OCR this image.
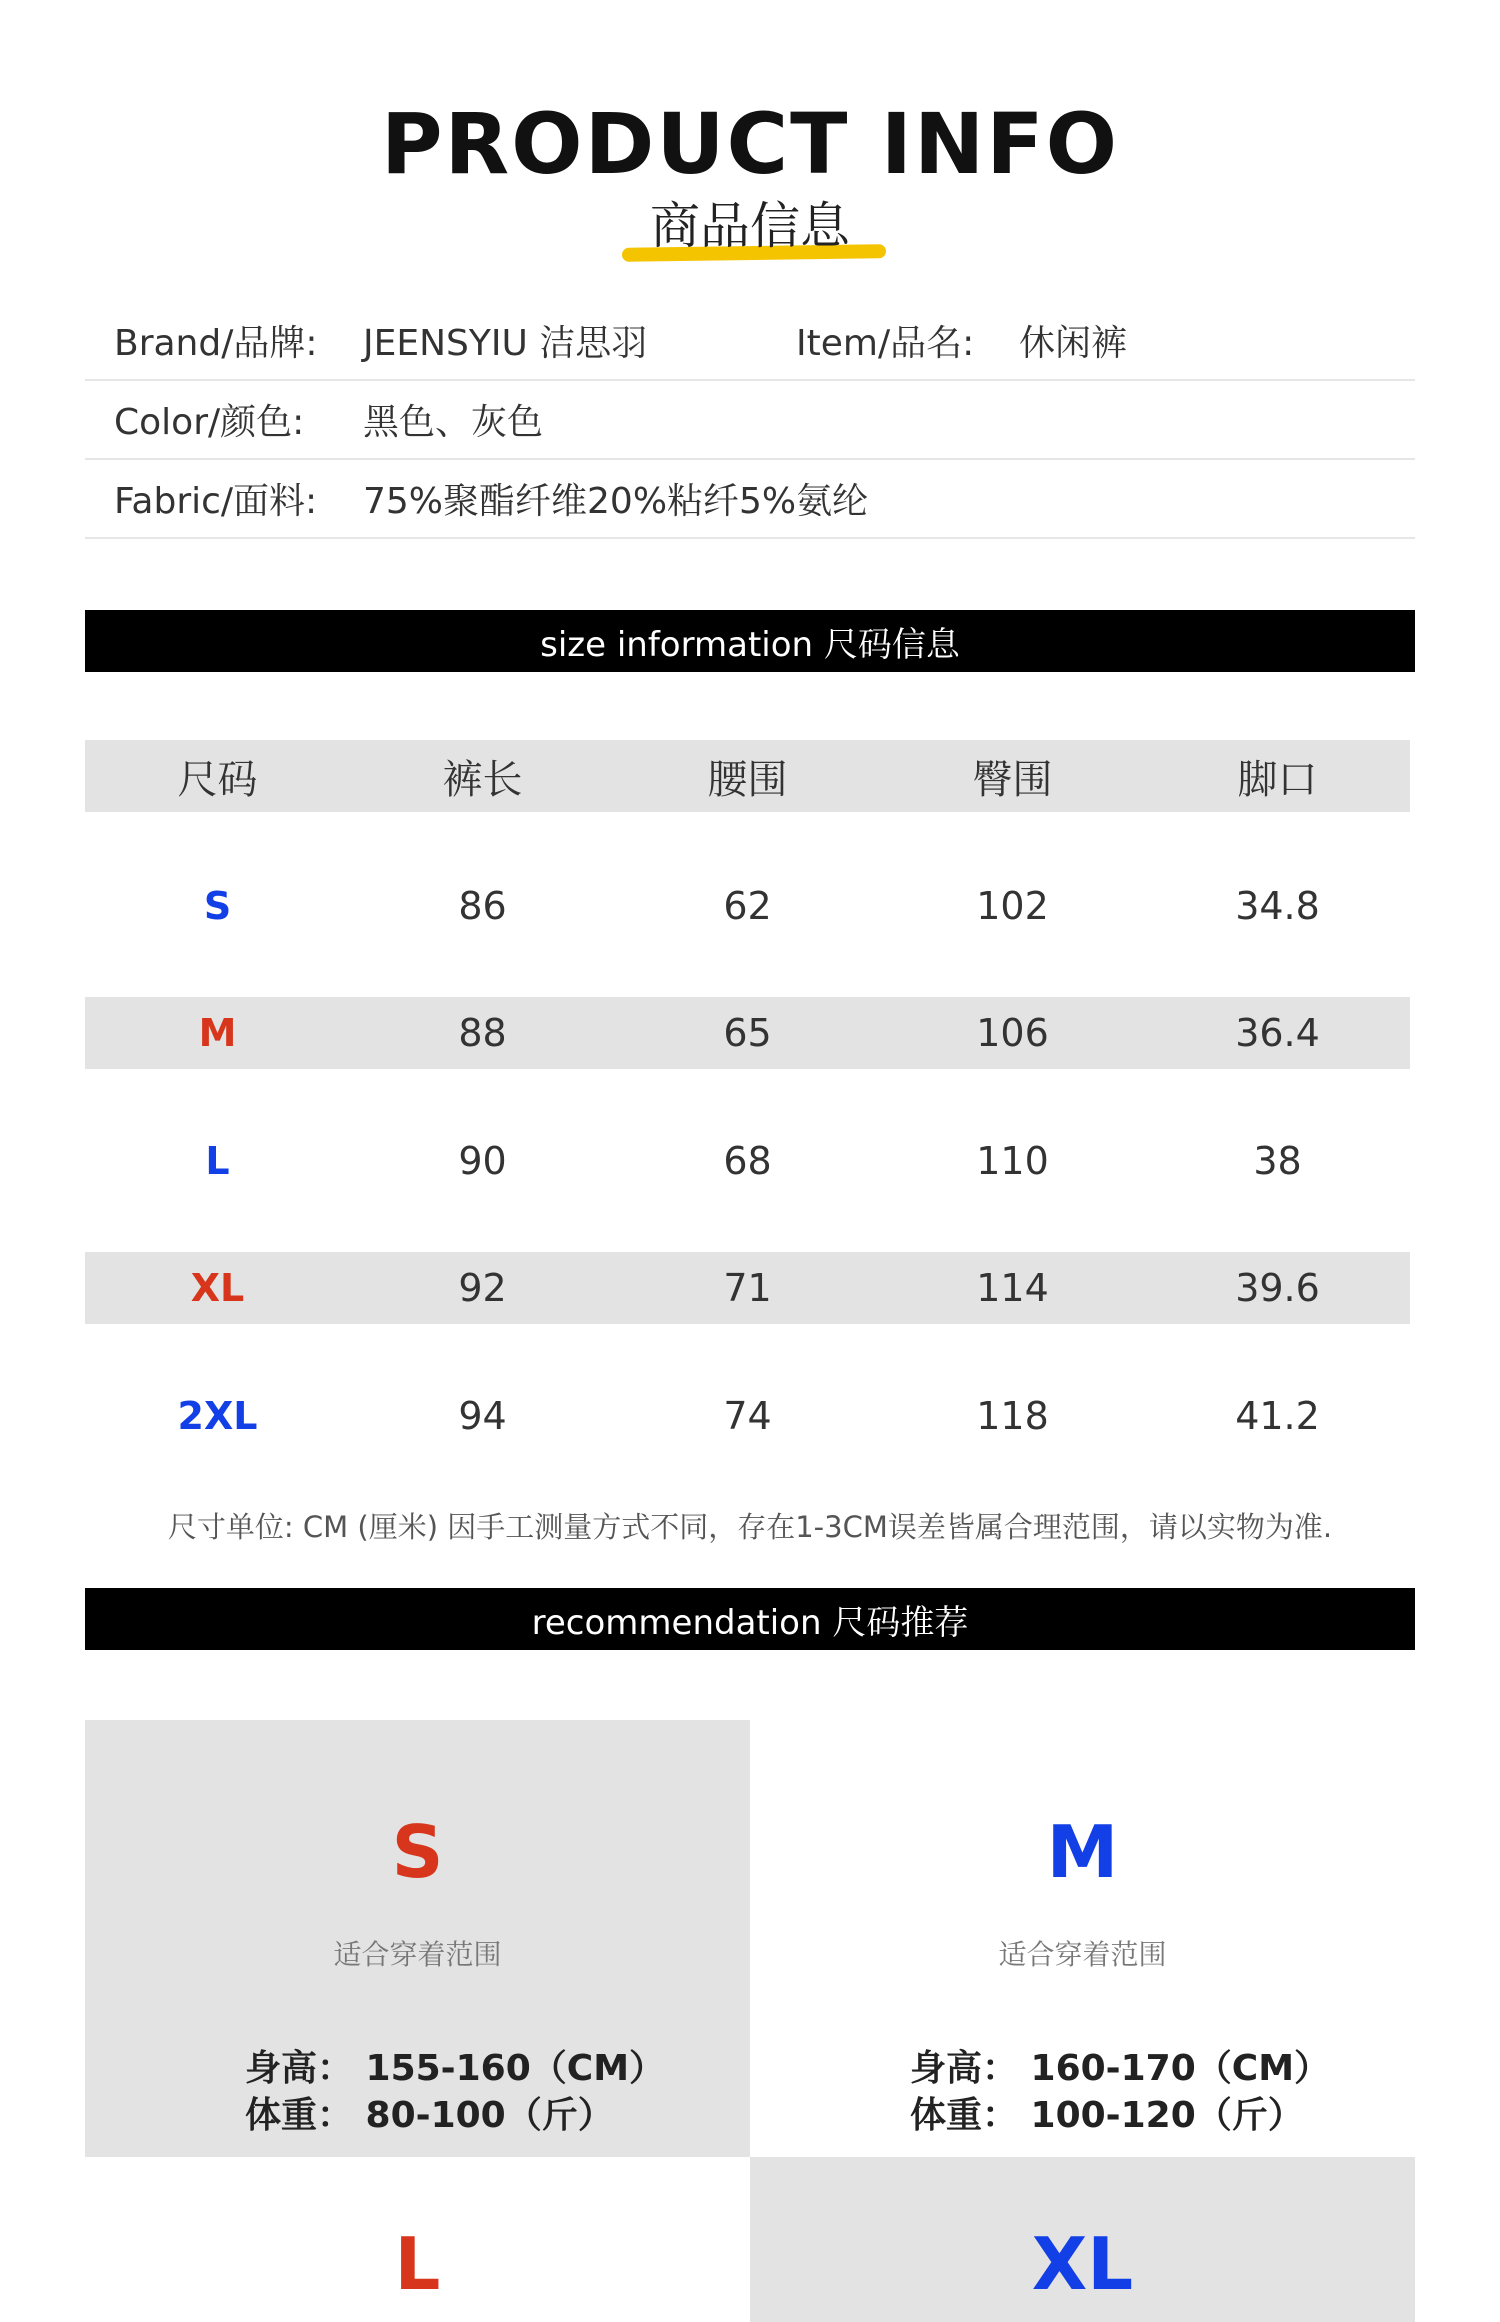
PRODUCT INFO
商品信息
Brand/品牌: JEENSYIU 洁思羽	Item/品名: 休闲裤
Color/颜色: 黑色、灰色
Fabric/面料: 75%聚酯纤维20%粘纤5%氨纶
size information 尺码信息
尺码	裤长	腰围	臀围	脚口
S	86	62	102	34.8
M	88	65	106	36.4
L	90	68	110	38
XL	92	71	114	39.6
2XL	94	74	118	41.2
尺寸单位: CM (厘米) 因手工测量方式不同，存在1-3CM误差皆属合理范围，请以实物为准.
recommendation 尺码推荐
S
适合穿着范围
身高： 155-160（CM）
体重： 80-100（斤）
M
适合穿着范围
身高： 160-170（CM）
体重： 100-120（斤）
L	XL
